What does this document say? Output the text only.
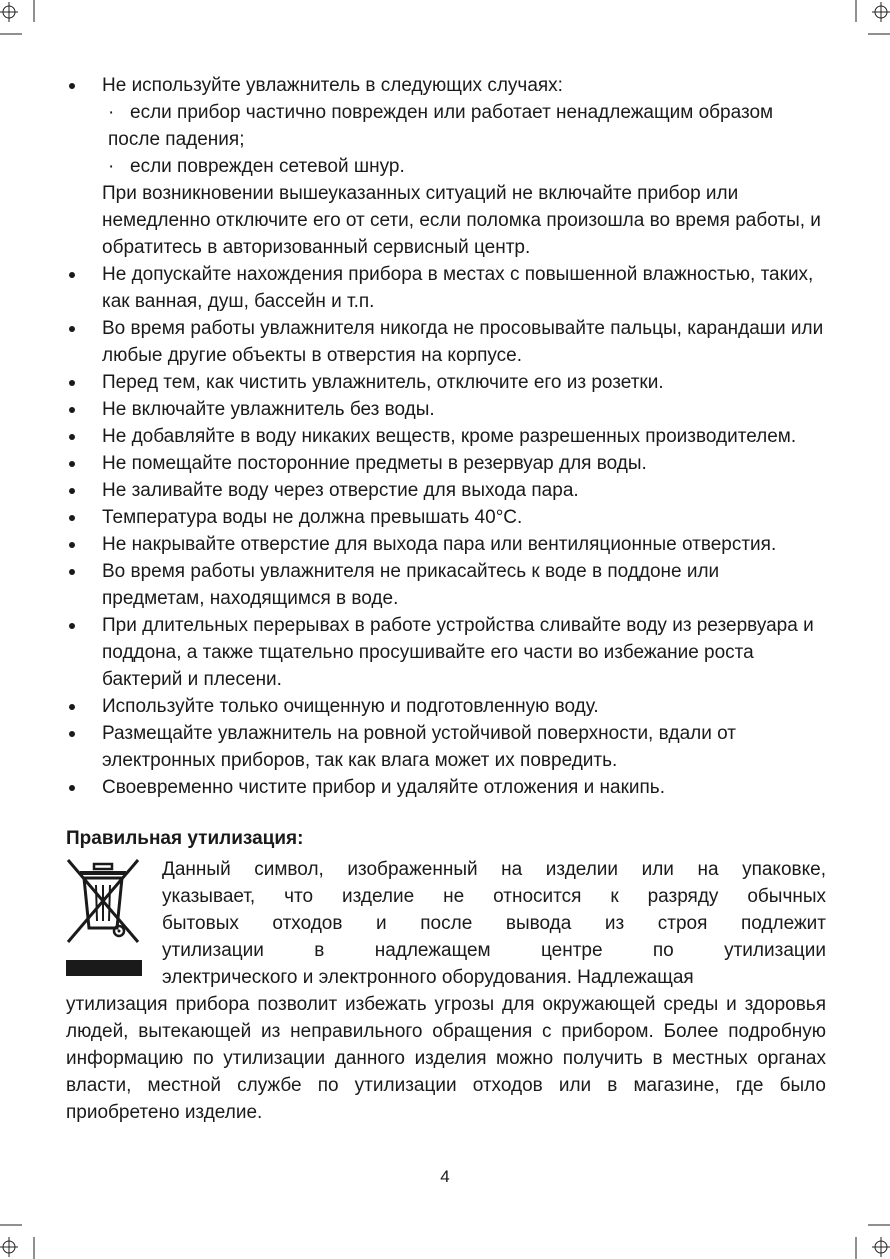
Не используйте увлажнитель в следующих случаях:
· если прибор частично поврежден или работает ненадлежащим образом после падения;
· если поврежден сетевой шнур.
При возникновении вышеуказанных ситуаций не включайте прибор или немедленно отключите его от сети, если поломка произошла во время работы, и обратитесь в авторизованный сервисный центр.
Не допускайте нахождения прибора в местах с повышенной влажностью, таких, как ванная, душ, бассейн и т.п.
Во время работы увлажнителя никогда не просовывайте пальцы, карандаши или любые другие объекты в отверстия на корпусе.
Перед тем, как чистить увлажнитель, отключите его из розетки.
Не включайте увлажнитель без воды.
Не добавляйте в воду никаких веществ, кроме разрешенных производителем.
Не помещайте посторонние предметы в резервуар для воды.
Не заливайте воду через отверстие для выхода пара.
Температура воды не должна превышать 40°С.
Не накрывайте отверстие для выхода пара или вентиляционные отверстия.
Во время работы увлажнителя не прикасайтесь к воде в поддоне или предметам, находящимся в воде.
При длительных перерывах в работе устройства сливайте воду из резервуара и поддона, а также тщательно просушивайте его части во избежание роста бактерий и плесени.
Используйте только очищенную и подготовленную воду.
Размещайте увлажнитель на ровной устойчивой поверхности, вдали от электронных приборов, так как влага может их повредить.
Своевременно чистите прибор и удаляйте отложения и накипь.
Правильная утилизация:
Данный символ, изображенный на изделии или на упаковке,
указывает, что изделие не относится к разряду обычных
бытовых отходов и после вывода из строя подлежит
утилизации в надлежащем центре по утилизации
электрического и электронного оборудования. Надлежащая
утилизация прибора позволит избежать угрозы для окружающей среды и здоровья людей, вытекающей из неправильного обращения с прибором. Более подробную информацию по утилизации данного изделия можно получить в местных органах власти, местной службе по утилизации отходов или в магазине, где было приобретено изделие.
4
